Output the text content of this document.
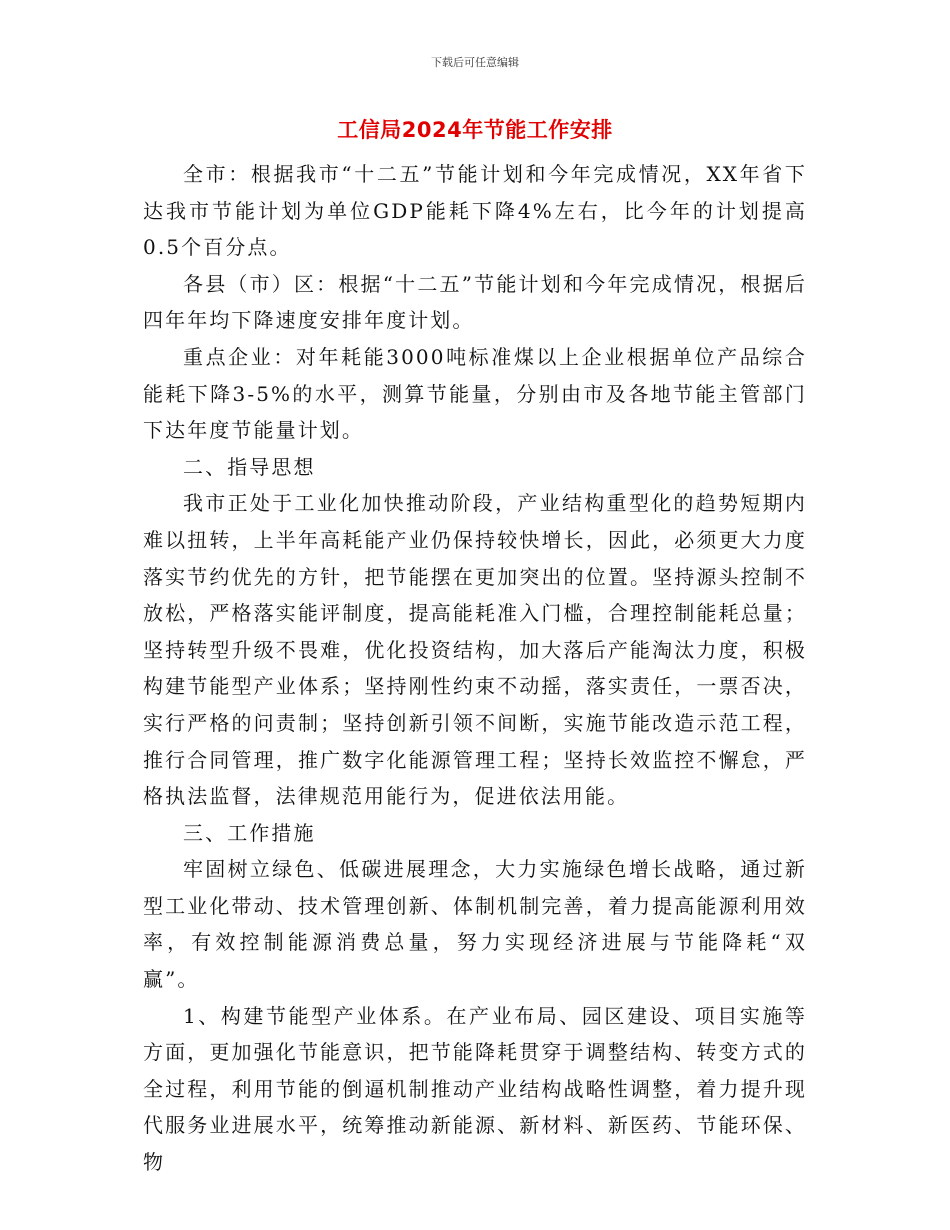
下载后可任意编辑
工信局2024年节能工作安排

全市：根据我市“十二五”节能计划和今年完成情况，XX年省下达我市节能计划为单位GDP能耗下降4%左右，比今年的计划提高0.5个百分点。

各县（市）区：根据“十二五”节能计划和今年完成情况，根据后四年年均下降速度安排年度计划。

重点企业：对年耗能3000吨标准煤以上企业根据单位产品综合能耗下降3-5%的水平，测算节能量，分别由市及各地节能主管部门下达年度节能量计划。

二、指导思想

我市正处于工业化加快推动阶段，产业结构重型化的趋势短期内难以扭转，上半年高耗能产业仍保持较快增长，因此，必须更大力度落实节约优先的方针，把节能摆在更加突出的位置。坚持源头控制不放松，严格落实能评制度，提高能耗准入门槛，合理控制能耗总量；坚持转型升级不畏难，优化投资结构，加大落后产能淘汰力度，积极构建节能型产业体系；坚持刚性约束不动摇，落实责任，一票否决，实行严格的问责制；坚持创新引领不间断，实施节能改造示范工程，推行合同管理，推广数字化能源管理工程；坚持长效监控不懈怠，严格执法监督，法律规范用能行为，促进依法用能。

三、工作措施

牢固树立绿色、低碳进展理念，大力实施绿色增长战略，通过新型工业化带动、技术管理创新、体制机制完善，着力提高能源利用效率，有效控制能源消费总量，努力实现经济进展与节能降耗“双赢”。

1、构建节能型产业体系。在产业布局、园区建设、项目实施等方面，更加强化节能意识，把节能降耗贯穿于调整结构、转变方式的全过程，利用节能的倒逼机制推动产业结构战略性调整，着力提升现代服务业进展水平，统筹推动新能源、新材料、新医药、节能环保、物
